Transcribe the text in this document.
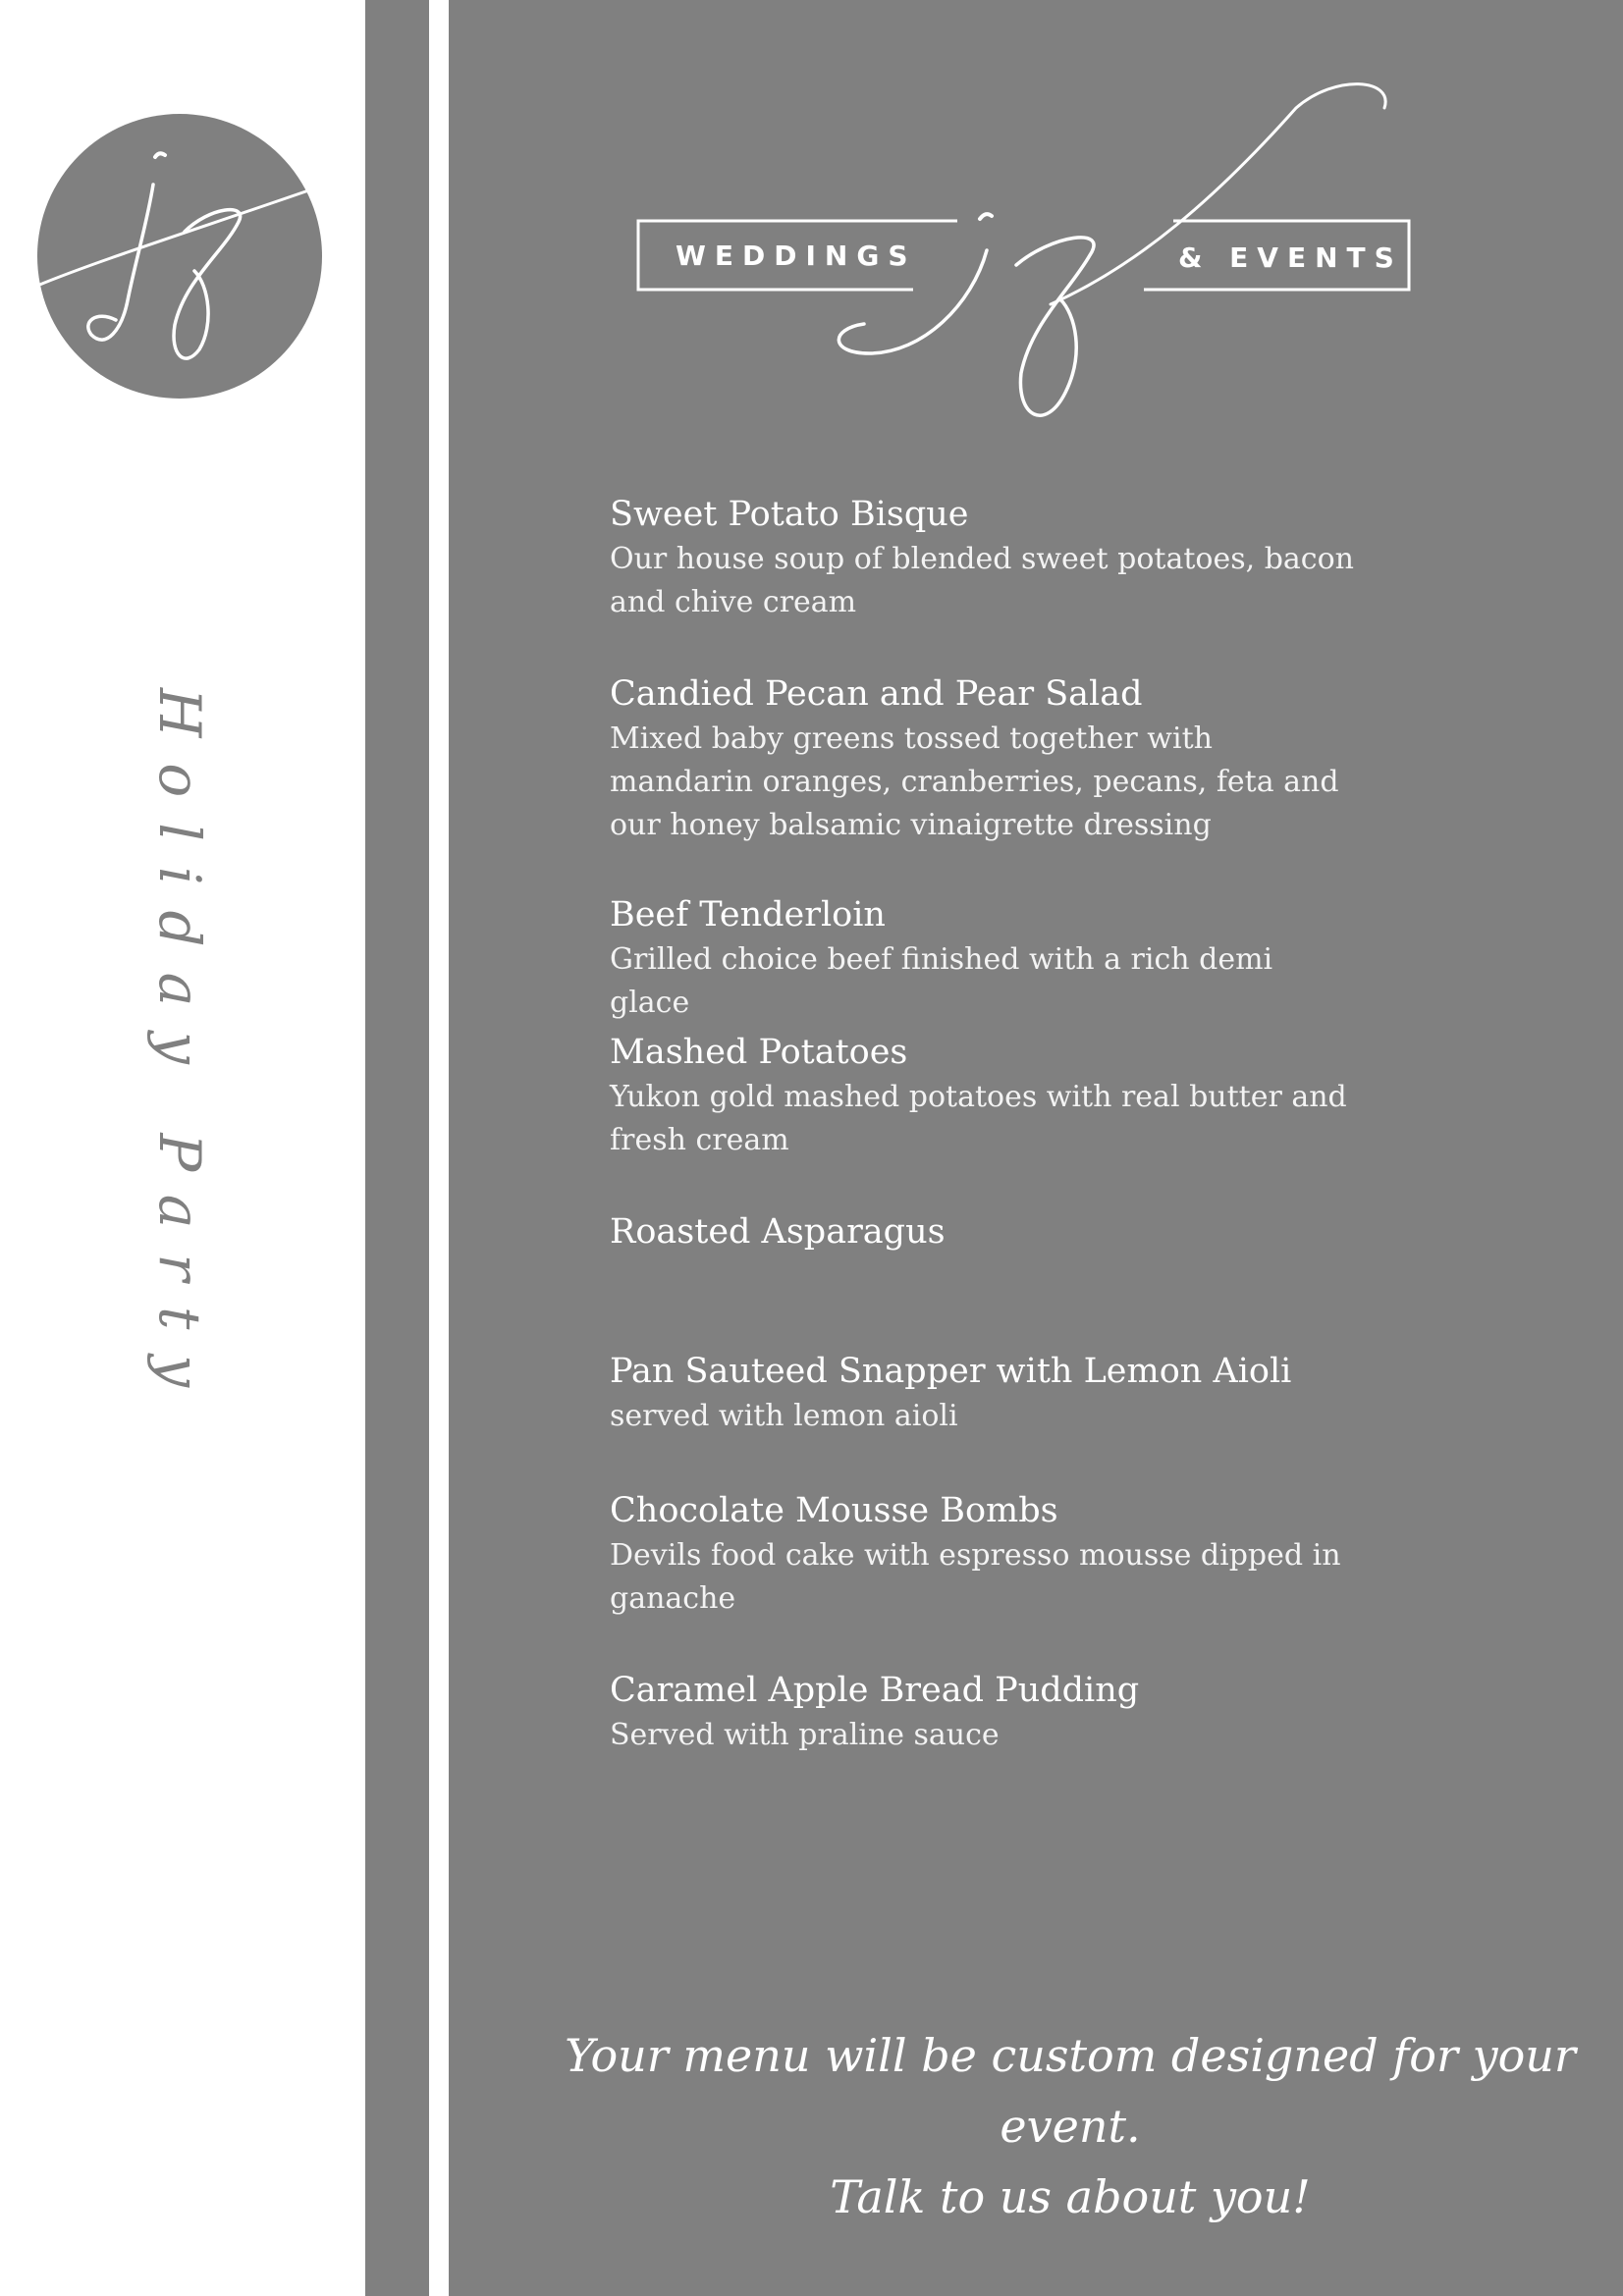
Holiday Party
WEDDINGS	& EVENTS
Sweet Potato Bisque
Our house soup of blended sweet potatoes, bacon and chive cream
Candied Pecan and Pear Salad
Mixed baby greens tossed together with mandarin oranges, cranberries, pecans, feta and our honey balsamic vinaigrette dressing
Beef Tenderloin
Grilled choice beef finished with a rich demi glace
Mashed Potatoes
Yukon gold mashed potatoes with real butter and fresh cream
Roasted Asparagus
Pan Sauteed Snapper with Lemon Aioli
served with lemon aioli
Chocolate Mousse Bombs
Devils food cake with espresso mousse dipped in ganache
Caramel Apple Bread Pudding
Served with praline sauce
Your menu will be custom designed for your event.
Talk to us about you!
